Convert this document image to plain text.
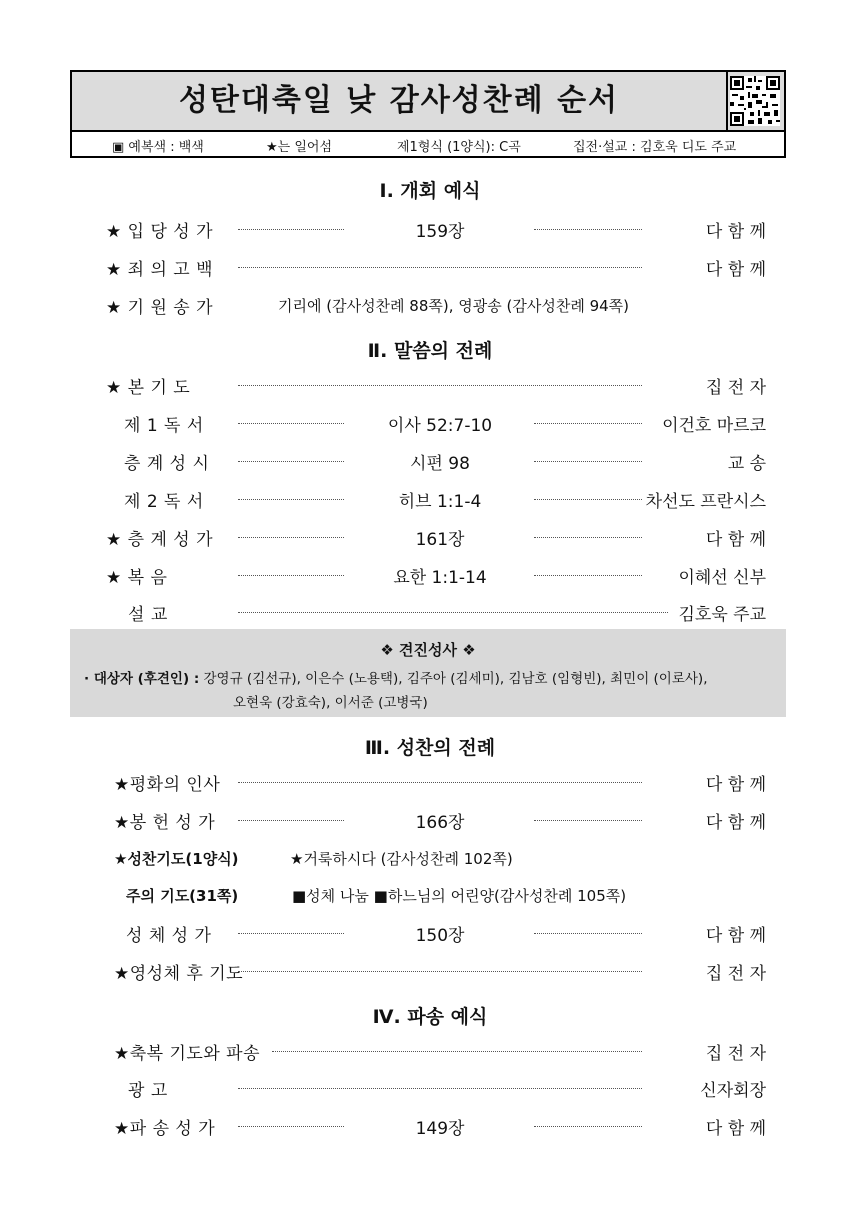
성탄대축일 낮 감사성찬례 순서
▣ 예복색 : 백색	★는 일어섬	제1형식 (1양식): C곡	집전·설교 : 김호욱 디도 주교
Ⅰ. 개회 예식
★ 입 당 성 가	159장	다 함 께
★ 죄 의 고 백	다 함 께
★ 기 원 송 가	기리에 (감사성찬례 88쪽), 영광송 (감사성찬례 94쪽)
Ⅱ. 말씀의 전례
★ 본 기 도	집 전 자
제 1 독 서	이사 52:7-10	이건호 마르코
층 계 성 시	시편 98	교 송
제 2 독 서	히브 1:1-4	차선도 프란시스
★ 층 계 성 가	161장	다 함 께
★ 복 음	요한 1:1-14	이혜선 신부
설 교	김호욱 주교
❖ 견진성사 ❖
· 대상자 (후견인) : 강영규 (김선규), 이은수 (노용택), 김주아 (김세미), 김남호 (임형빈), 최민이 (이로사),
오현욱 (강효숙), 이서준 (고병국)
Ⅲ. 성찬의 전례
★평화의 인사	다 함 께
★봉 헌 성 가	166장	다 함 께
★성찬기도(1양식)	★거룩하시다 (감사성찬례 102쪽)
주의 기도(31쪽)	■성체 나눔 ■하느님의 어린양(감사성찬례 105쪽)
성 체 성 가	150장	다 함 께
★영성체 후 기도	집 전 자
Ⅳ. 파송 예식
★축복 기도와 파송	집 전 자
광 고	신자회장
★파 송 성 가	149장	다 함 께
